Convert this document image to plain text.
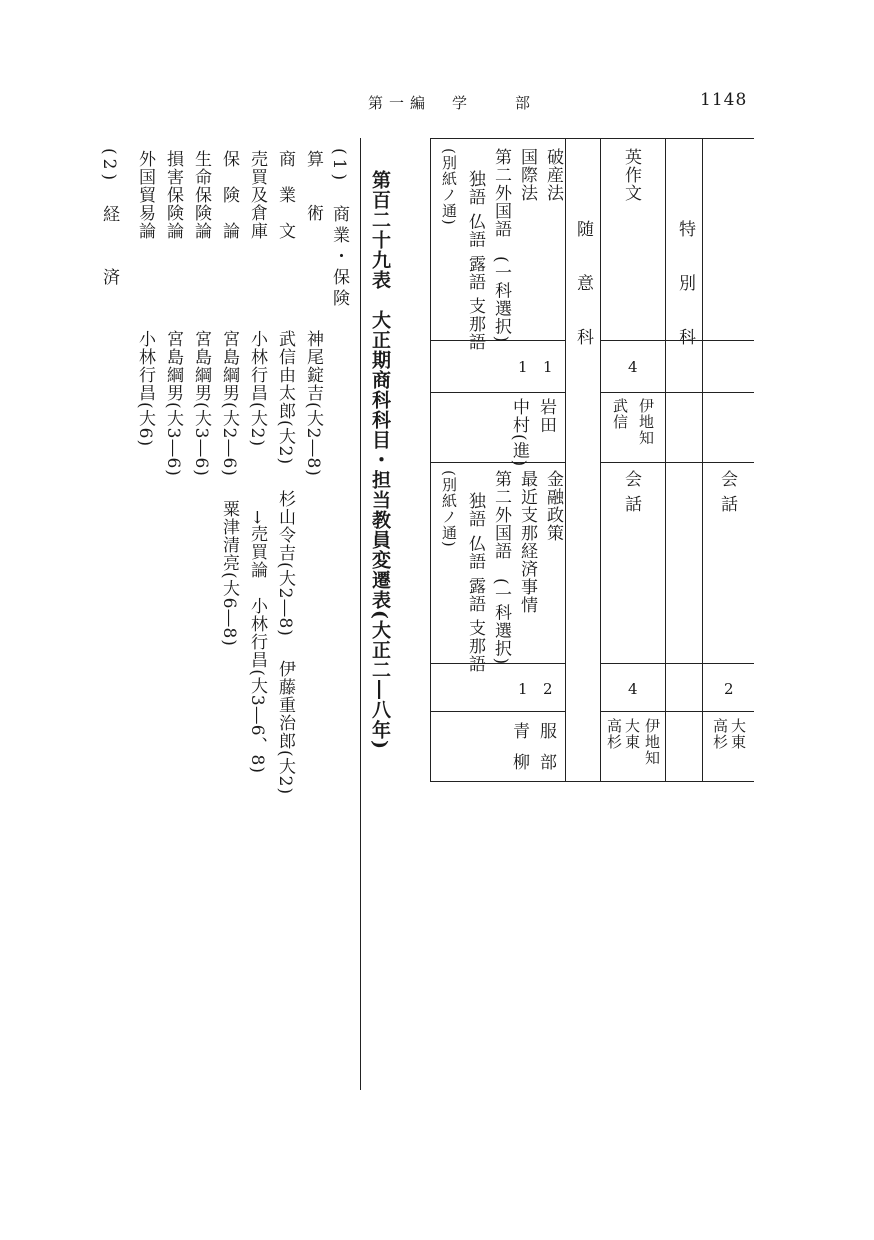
第一編　学　　部	1148
破産法
国際法
第二外国語　(一科選択)
独語 仏語 露語 支那語
(別紙ノ通)
1 1
岩田
中村(進)
金融政策
最近支那経済事情
第二外国語　(一科選択)
独語 仏語 露語 支那語
(別紙ノ通)
1 2
服部
青柳
随　意　科
英作文
4
伊地知
武信
会話
4
伊地知
大東
高杉
特　別　科
会話
2
大東
高杉
第百二十九表　大正期商科科目・担当教員変遷表(大正二―八年)
(1)　商業・保険
算　　術
神尾錠吉(大2―8)
商　業　文
武信由太郎(大2)
杉山令吉(大2―8)
伊藤重治郎(大2)
売買及倉庫
小林行昌(大2)
→売買論　小林行昌(大3―6、8)
保　険　論
宮島綱男(大2―6)
粟津清亮(大6―8)
生命保険論
宮島綱男(大3―6)
損害保険論
宮島綱男(大3―6)
外国貿易論
小林行昌(大6)
(2)　経　　済
